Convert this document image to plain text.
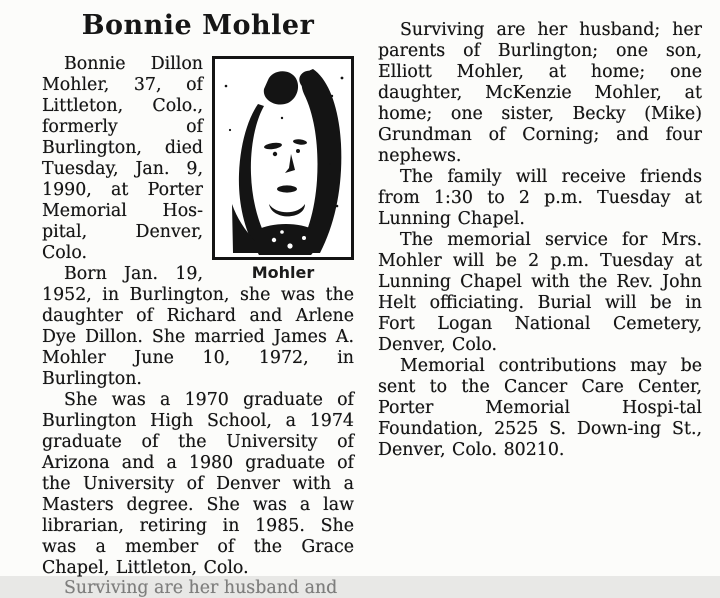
Bonnie Mohler
Mohler

Bonnie Dillon Mohler, 37, of Littleton, Colo., formerly of Burlington, died Tuesday, Jan. 9, 1990, at Porter Memorial Hos-pital, Denver, Colo.

Born Jan. 19, 1952, in Burlington, she was the daughter of Richard and Arlene Dye Dillon. She married James A. Mohler June 10, 1972, in Burlington.

She was a 1970 graduate of Burlington High School, a 1974 graduate of the University of Arizona and a 1980 graduate of the University of Denver with a Masters degree. She was a law librarian, retiring in 1985. She was a member of the Grace Chapel, Littleton, Colo.

Surviving are her husband and

Surviving are her husband; her parents of Burlington; one son, Elliott Mohler, at home; one daughter, McKenzie Mohler, at home; one sister, Becky (Mike) Grundman of Corning; and four nephews.

The family will receive friends from 1:30 to 2 p.m. Tuesday at Lunning Chapel.

The memorial service for Mrs. Mohler will be 2 p.m. Tuesday at Lunning Chapel with the Rev. John Helt officiating. Burial will be in Fort Logan National Cemetery, Denver, Colo.

Memorial contributions may be sent to the Cancer Care Center, Porter Memorial Hospi-tal Foundation, 2525 S. Down-ing St., Denver, Colo. 80210.
